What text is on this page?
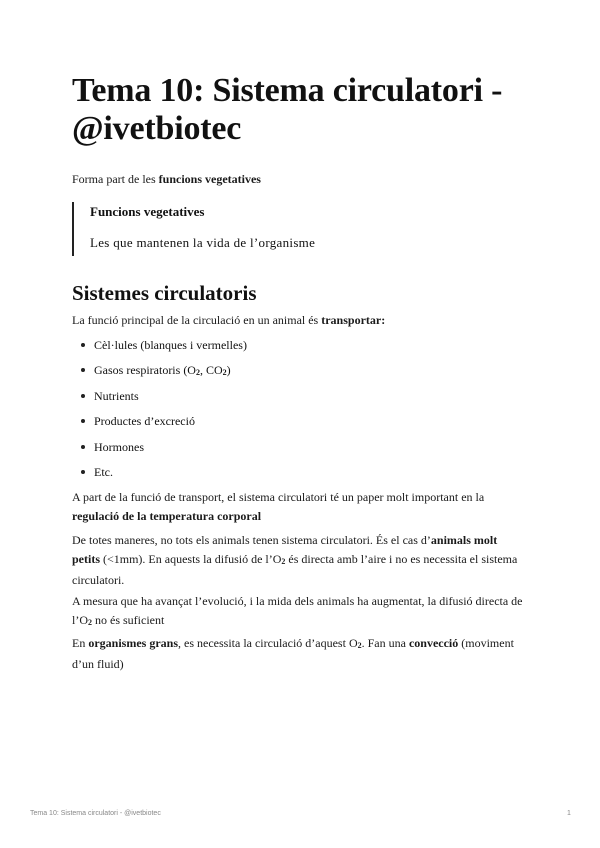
Tema 10: Sistema circulatori - @ivetbiotec

Forma part de les funcions vegetatives

Funcions vegetatives

Les que mantenen la vida de l’organisme

Sistemes circulatoris

La funció principal de la circulació en un animal és transportar:

Cèl·lules (blanques i vermelles)
Gasos respiratoris ($O_2$, $CO_2$)
Nutrients
Productes d’excreció
Hormones
Etc.

A part de la funció de transport, el sistema circulatori té un paper molt important en la
regulació de la temperatura corporal

De totes maneres, no tots els animals tenen sistema circulatori. És el cas d’animals molt
petits (<1mm). En aquests la difusió de $l’O_2$ és directa amb l’aire i no es necessita el sistema
circulatori.

A mesura que ha avançat l’evolució, i la mida dels animals ha augmentat, la difusió directa de
$l’O_2$ no és suficient

En organismes grans, es necessita la circulació d’aquest $O_2$. Fan una convecció (moviment
d’un fluid)

Tema 10: Sistema circulatori - @ivetbiotec	1
